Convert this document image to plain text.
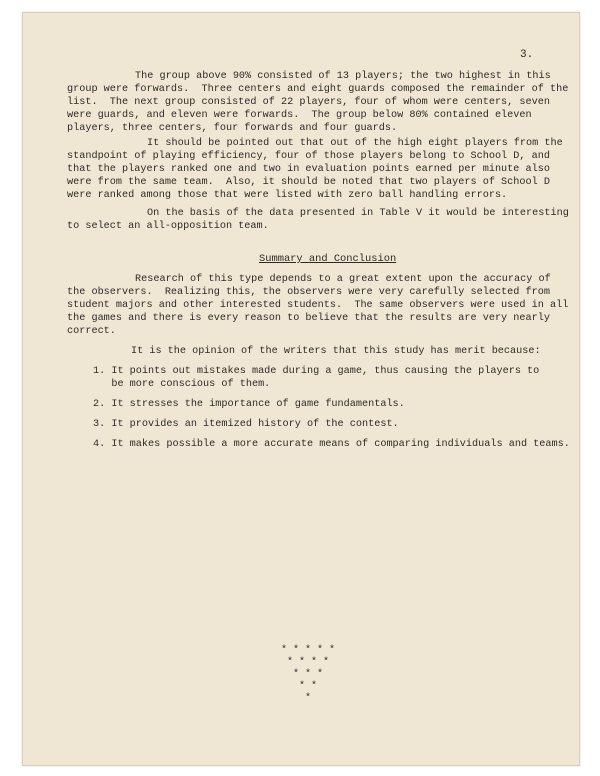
3.
The group above 90% consisted of 13 players; the two highest in this
group were forwards.  Three centers and eight guards composed the remainder of the
list.  The next group consisted of 22 players, four of whom were centers, seven
were guards, and eleven were forwards.  The group below 80% contained eleven
players, three centers, four forwards and four guards.
It should be pointed out that out of the high eight players from the
standpoint of playing efficiency, four of those players belong to School D, and
that the players ranked one and two in evaluation points earned per minute also
were from the same team.  Also, it should be noted that two players of School D
were ranked among those that were listed with zero ball handling errors.
On the basis of the data presented in Table V it would be interesting
to select an all-opposition team.
Summary and Conclusion
Research of this type depends to a great extent upon the accuracy of
the observers.  Realizing this, the observers were very carefully selected from
student majors and other interested students.  The same observers were used in all
the games and there is every reason to believe that the results are very nearly
correct.
It is the opinion of the writers that this study has merit because:
1. It points out mistakes made during a game, thus causing the players to
be more conscious of them.
2. It stresses the importance of game fundamentals.
3. It provides an itemized history of the contest.
4. It makes possible a more accurate means of comparing individuals and teams.
* * * * *
* * * *
* * *
* *
*
